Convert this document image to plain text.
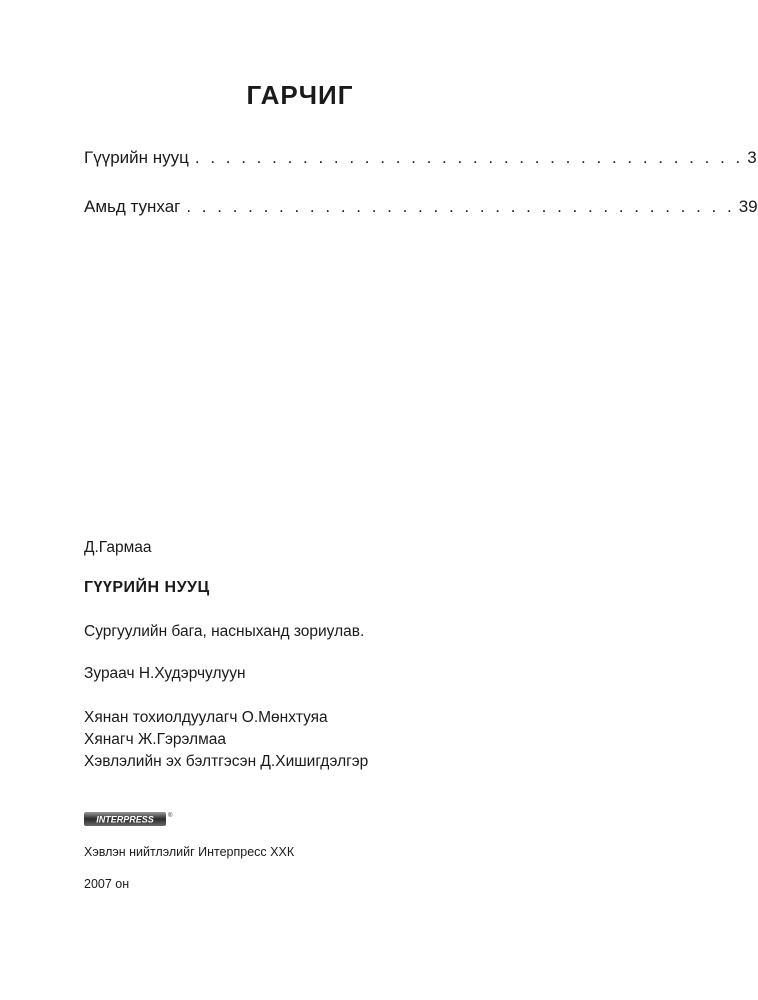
ГАРЧИГ
Гүүрийн нууц . . . . . . . . . . . . . . . . . . . . . . . . . . . . . . . . . . . . 3
Амьд тунхаг . . . . . . . . . . . . . . . . . . . . . . . . . . . . . . . . . . . . 39
Д.Гармаа
ГҮҮРИЙН НУУЦ
Сургуулийн бага, насныханд зориулав.
Зураач Н.Худэрчулуун
Хянан тохиолдуулагч О.Мөнхтуяа
Хянагч Ж.Гэрэлмаа
Хэвлэлийн эх бэлтгэсэн Д.Хишигдэлгэр
INTERPRESS ®
Хэвлэн нийтлэлийг Интерпресс ХХК
2007 он
